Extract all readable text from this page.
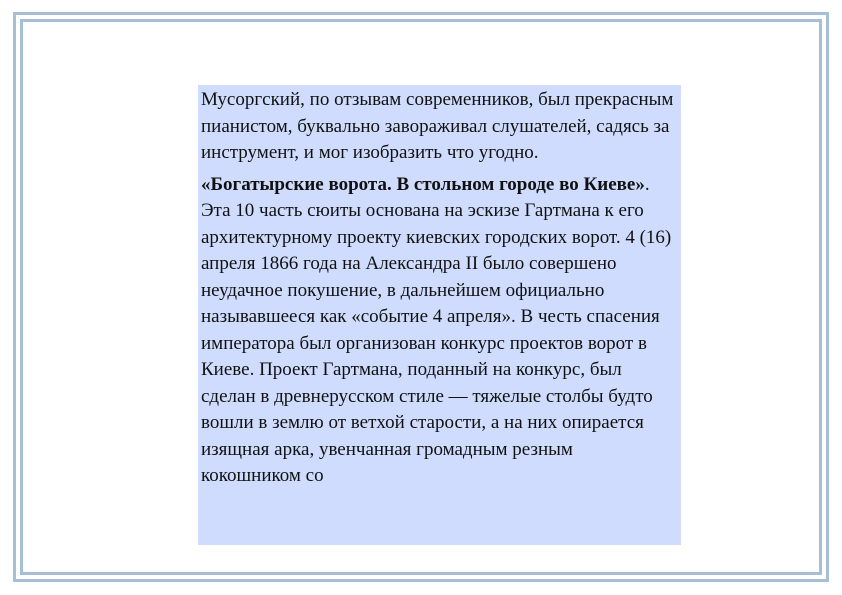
Мусоргский, по отзывам современников, был прекрасным пианистом, буквально завораживал слушателей, садясь за инструмент, и мог изобразить что угодно.

«Богатырские ворота. В стольном городе во Киеве». Эта 10 часть сюиты основана на эскизе Гартмана к его архитектурному проекту киевских городских ворот. 4 (16) апреля 1866 года на Александра II было совершено неудачное покушение, в дальнейшем официально называвшееся как «событие 4 апреля». В честь спасения императора был организован конкурс проектов ворот в Киеве. Проект Гартмана, поданный на конкурс, был сделан в древнерусском стиле — тяжелые столбы будто вошли в землю от ветхой старости, а на них опирается изящная арка, увенчанная громадным резным кокошником со
